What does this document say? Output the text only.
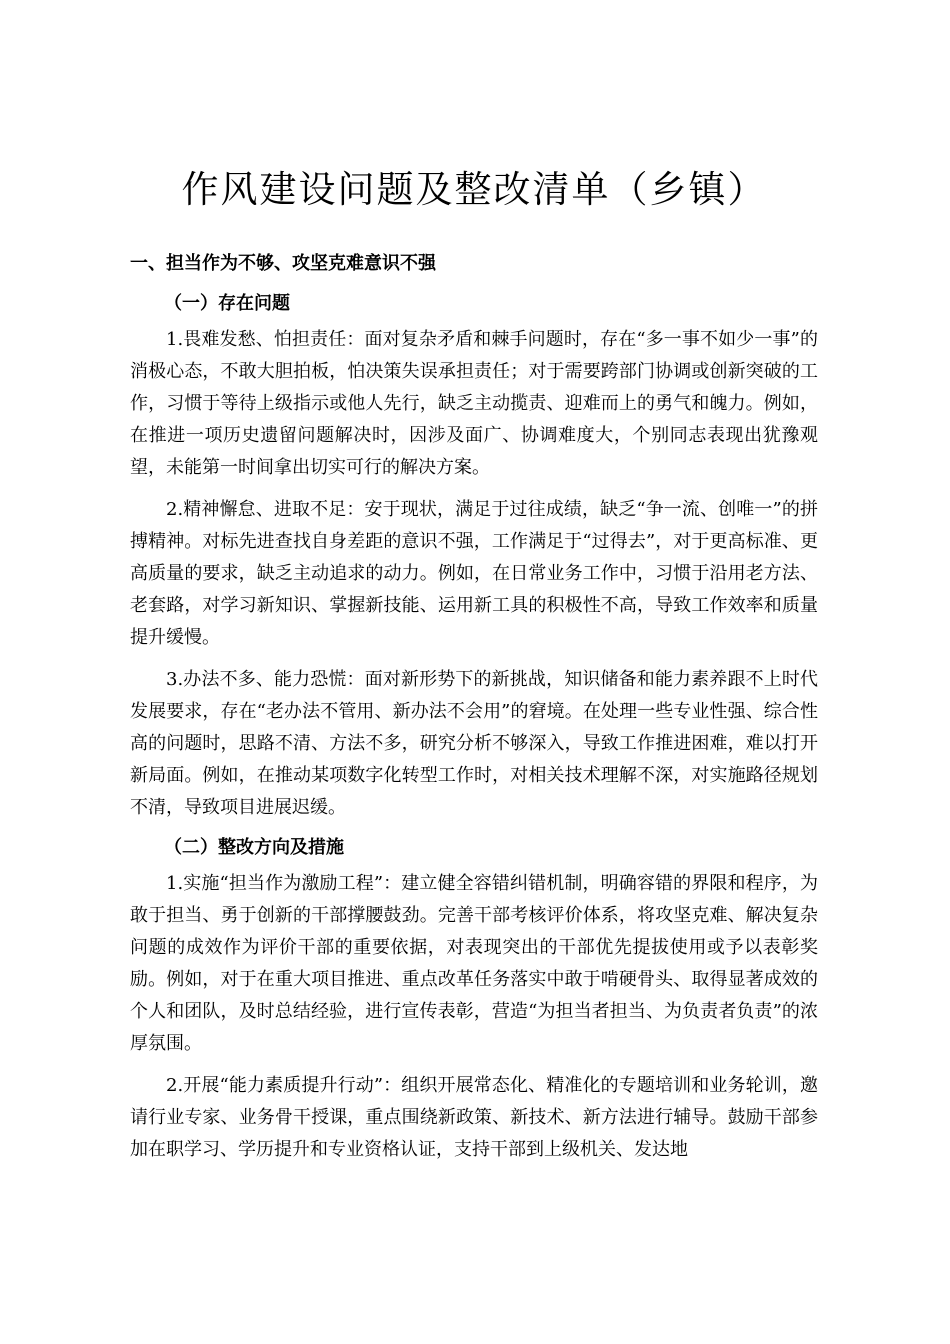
作风建设问题及整改清单（乡镇）
一、担当作为不够、攻坚克难意识不强
（一）存在问题

1.畏难发愁、怕担责任：面对复杂矛盾和棘手问题时，存在“多一事不如少一事”的消极心态，不敢大胆拍板，怕决策失误承担责任；对于需要跨部门协调或创新突破的工作，习惯于等待上级指示或他人先行，缺乏主动揽责、迎难而上的勇气和魄力。例如，在推进一项历史遗留问题解决时，因涉及面广、协调难度大，个别同志表现出犹豫观望，未能第一时间拿出切实可行的解决方案。

2.精神懈怠、进取不足：安于现状，满足于过往成绩，缺乏“争一流、创唯一”的拼搏精神。对标先进查找自身差距的意识不强，工作满足于“过得去”，对于更高标准、更高质量的要求，缺乏主动追求的动力。例如，在日常业务工作中，习惯于沿用老方法、老套路，对学习新知识、掌握新技能、运用新工具的积极性不高，导致工作效率和质量提升缓慢。

3.办法不多、能力恐慌：面对新形势下的新挑战，知识储备和能力素养跟不上时代发展要求，存在“老办法不管用、新办法不会用”的窘境。在处理一些专业性强、综合性高的问题时，思路不清、方法不多，研究分析不够深入，导致工作推进困难，难以打开新局面。例如，在推动某项数字化转型工作时，对相关技术理解不深，对实施路径规划不清，导致项目进展迟缓。

（二）整改方向及措施

1.实施“担当作为激励工程”：建立健全容错纠错机制，明确容错的界限和程序，为敢于担当、勇于创新的干部撑腰鼓劲。完善干部考核评价体系，将攻坚克难、解决复杂问题的成效作为评价干部的重要依据，对表现突出的干部优先提拔使用或予以表彰奖励。例如，对于在重大项目推进、重点改革任务落实中敢于啃硬骨头、取得显著成效的个人和团队，及时总结经验，进行宣传表彰，营造“为担当者担当、为负责者负责”的浓厚氛围。

2.开展“能力素质提升行动”：组织开展常态化、精准化的专题培训和业务轮训，邀请行业专家、业务骨干授课，重点围绕新政策、新技术、新方法进行辅导。鼓励干部参加在职学习、学历提升和专业资格认证，支持干部到上级机关、发达地
